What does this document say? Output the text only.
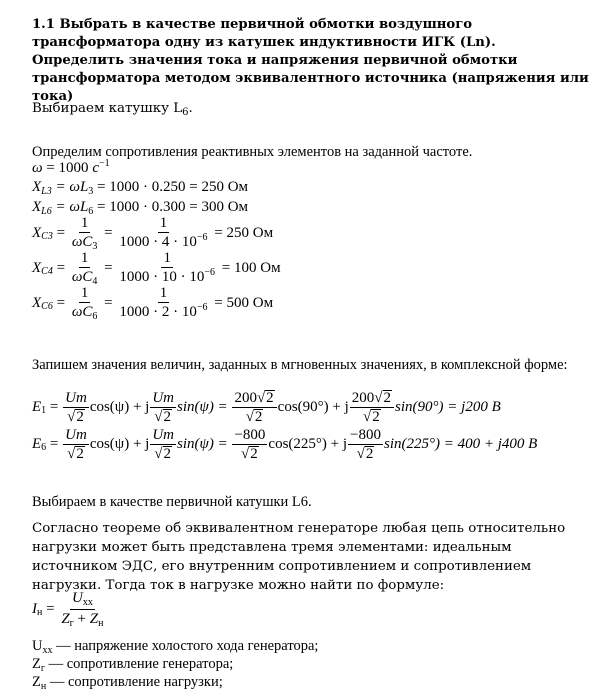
1.1 Выбрать в качестве первичной обмотки воздушного трансформатора одну из катушек индуктивности ИГК (Ln). Определить значения тока и напряжения первичной обмотки трансформатора методом эквивалентного источника (напряжения или тока)
Выбираем катушку $L_6$.
Определим сопротивления реактивных элементов на заданной частоте.
ω = 1000 $c^{-1}$
$X_{L3} = \omega L_3 = 1000 \cdot 0.250 = 250$ Ом
$X_{L6} = \omega L_6 = 1000 \cdot 0.300 = 300$ Ом
X $C3 = \frac{1}{\omega C_3} = \frac{1}{1000 \cdot 4 \cdot 10^{-6}}$
= 250 Ом
X $C4 = \frac{1}{\omega C_4} = \frac{1}{1000 \cdot 10 \cdot 10^{-6}}$
= 100 Ом
X $C6 = \frac{1}{\omega C_6} = \frac{1}{1000 \cdot 2 \cdot 10^{-6}}$
= 500 Ом
Запишем значения величин, заданных в мгновенных значениях, в комплексной форме:
E $1 = \frac{Um}{√ 2} \cos(\psi) + j \frac{Um}{√ 2} \sin(\psi)$ =
$\frac{200√ 2}{√ 2} \cos(90^\circ) + j \frac{200√ 2}{√ 2} \sin(90^\circ) = j200$ В
E $6 = \frac{Um}{√ 2} \cos(\psi) + j \frac{Um}{√ 2} \sin(\psi)$ =
$\frac{-800}{√ 2} \cos(225^\circ) + j \frac{-800}{√ 2} \sin(225^\circ) = 400 + j400$ В
Выбираем в качестве первичной катушки L6.
Согласно теореме об эквивалентном генераторе любая цепь относительно нагрузки может быть представлена тремя элементами: идеальным источником ЭДС, его внутренним сопротивлением и сопротивлением нагрузки. Тогда ток в нагрузке можно найти по формуле:
I $н = \frac{U_{xx}}{Z_г + Z_н}$
$U_{xx}$ — напряжение холостого хода генератора;
$Z_г$ — сопротивление генератора;
$Z_н$ — сопротивление нагрузки;
